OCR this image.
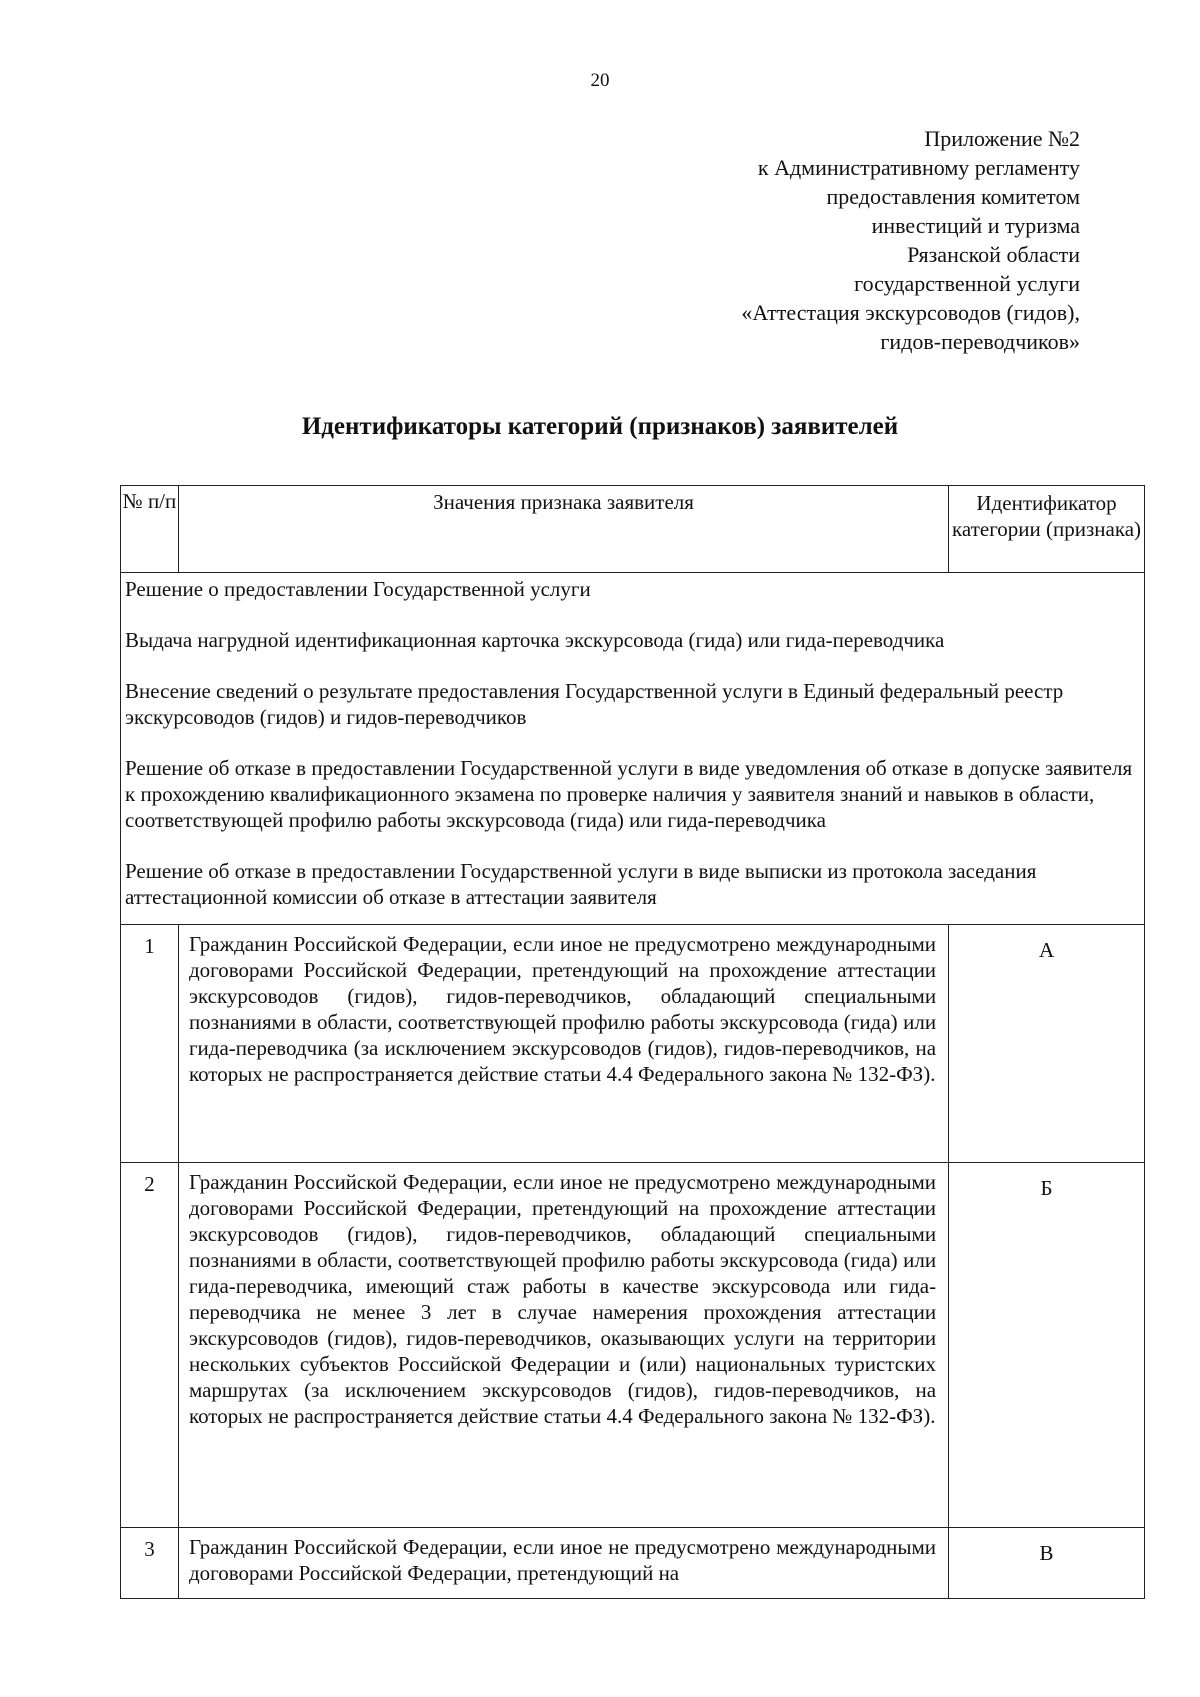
20
Приложение №2
к Административному регламенту
предоставления комитетом
инвестиций и туризма
Рязанской области
государственной услуги
«Аттестация экскурсоводов (гидов),
гидов-переводчиков»
Идентификаторы категорий (признаков) заявителей
№ п/п	Значения признака заявителя	Идентификатор категории (признака)

Решение о предоставлении Государственной услуги
Выдача нагрудной идентификационная карточка экскурсовода (гида) или гида-переводчика
Внесение сведений о результате предоставления Государственной услуги в Единый федеральный реестр экскурсоводов (гидов) и гидов-переводчиков
Решение об отказе в предоставлении Государственной услуги в виде уведомления об отказе в допуске заявителя к прохождению квалификационного экзамена по проверке наличия у заявителя знаний и навыков в области, соответствующей профилю работы экскурсовода (гида) или гида-переводчика
Решение об отказе в предоставлении Государственной услуги в виде выписки из протокола заседания аттестационной комиссии об отказе в аттестации заявителя		

1	Гражданин Российской Федерации, если иное не предусмотрено международными договорами Российской Федерации, претендующий на прохождение аттестации экскурсоводов (гидов), гидов-переводчиков, обладающий специальными познаниями в области, соответствующей профилю работы экскурсовода (гида) или гида-переводчика (за исключением экскурсоводов (гидов), гидов-переводчиков, на которых не распространяется действие статьи 4.4 Федерального закона № 132-ФЗ).	А
2	Гражданин Российской Федерации, если иное не предусмотрено международными договорами Российской Федерации, претендующий на прохождение аттестации экскурсоводов (гидов), гидов-переводчиков, обладающий специальными познаниями в области, соответствующей профилю работы экскурсовода (гида) или гида-переводчика, имеющий стаж работы в качестве экскурсовода или гида-переводчика не менее 3 лет в случае намерения прохождения аттестации экскурсоводов (гидов), гидов-переводчиков, оказывающих услуги на территории нескольких субъектов Российской Федерации и (или) национальных туристских маршрутах (за исключением экскурсоводов (гидов), гидов-переводчиков, на которых не распространяется действие статьи 4.4 Федерального закона № 132-ФЗ).	Б
3	Гражданин Российской Федерации, если иное не предусмотрено международными договорами Российской Федерации, претендующий на	В
